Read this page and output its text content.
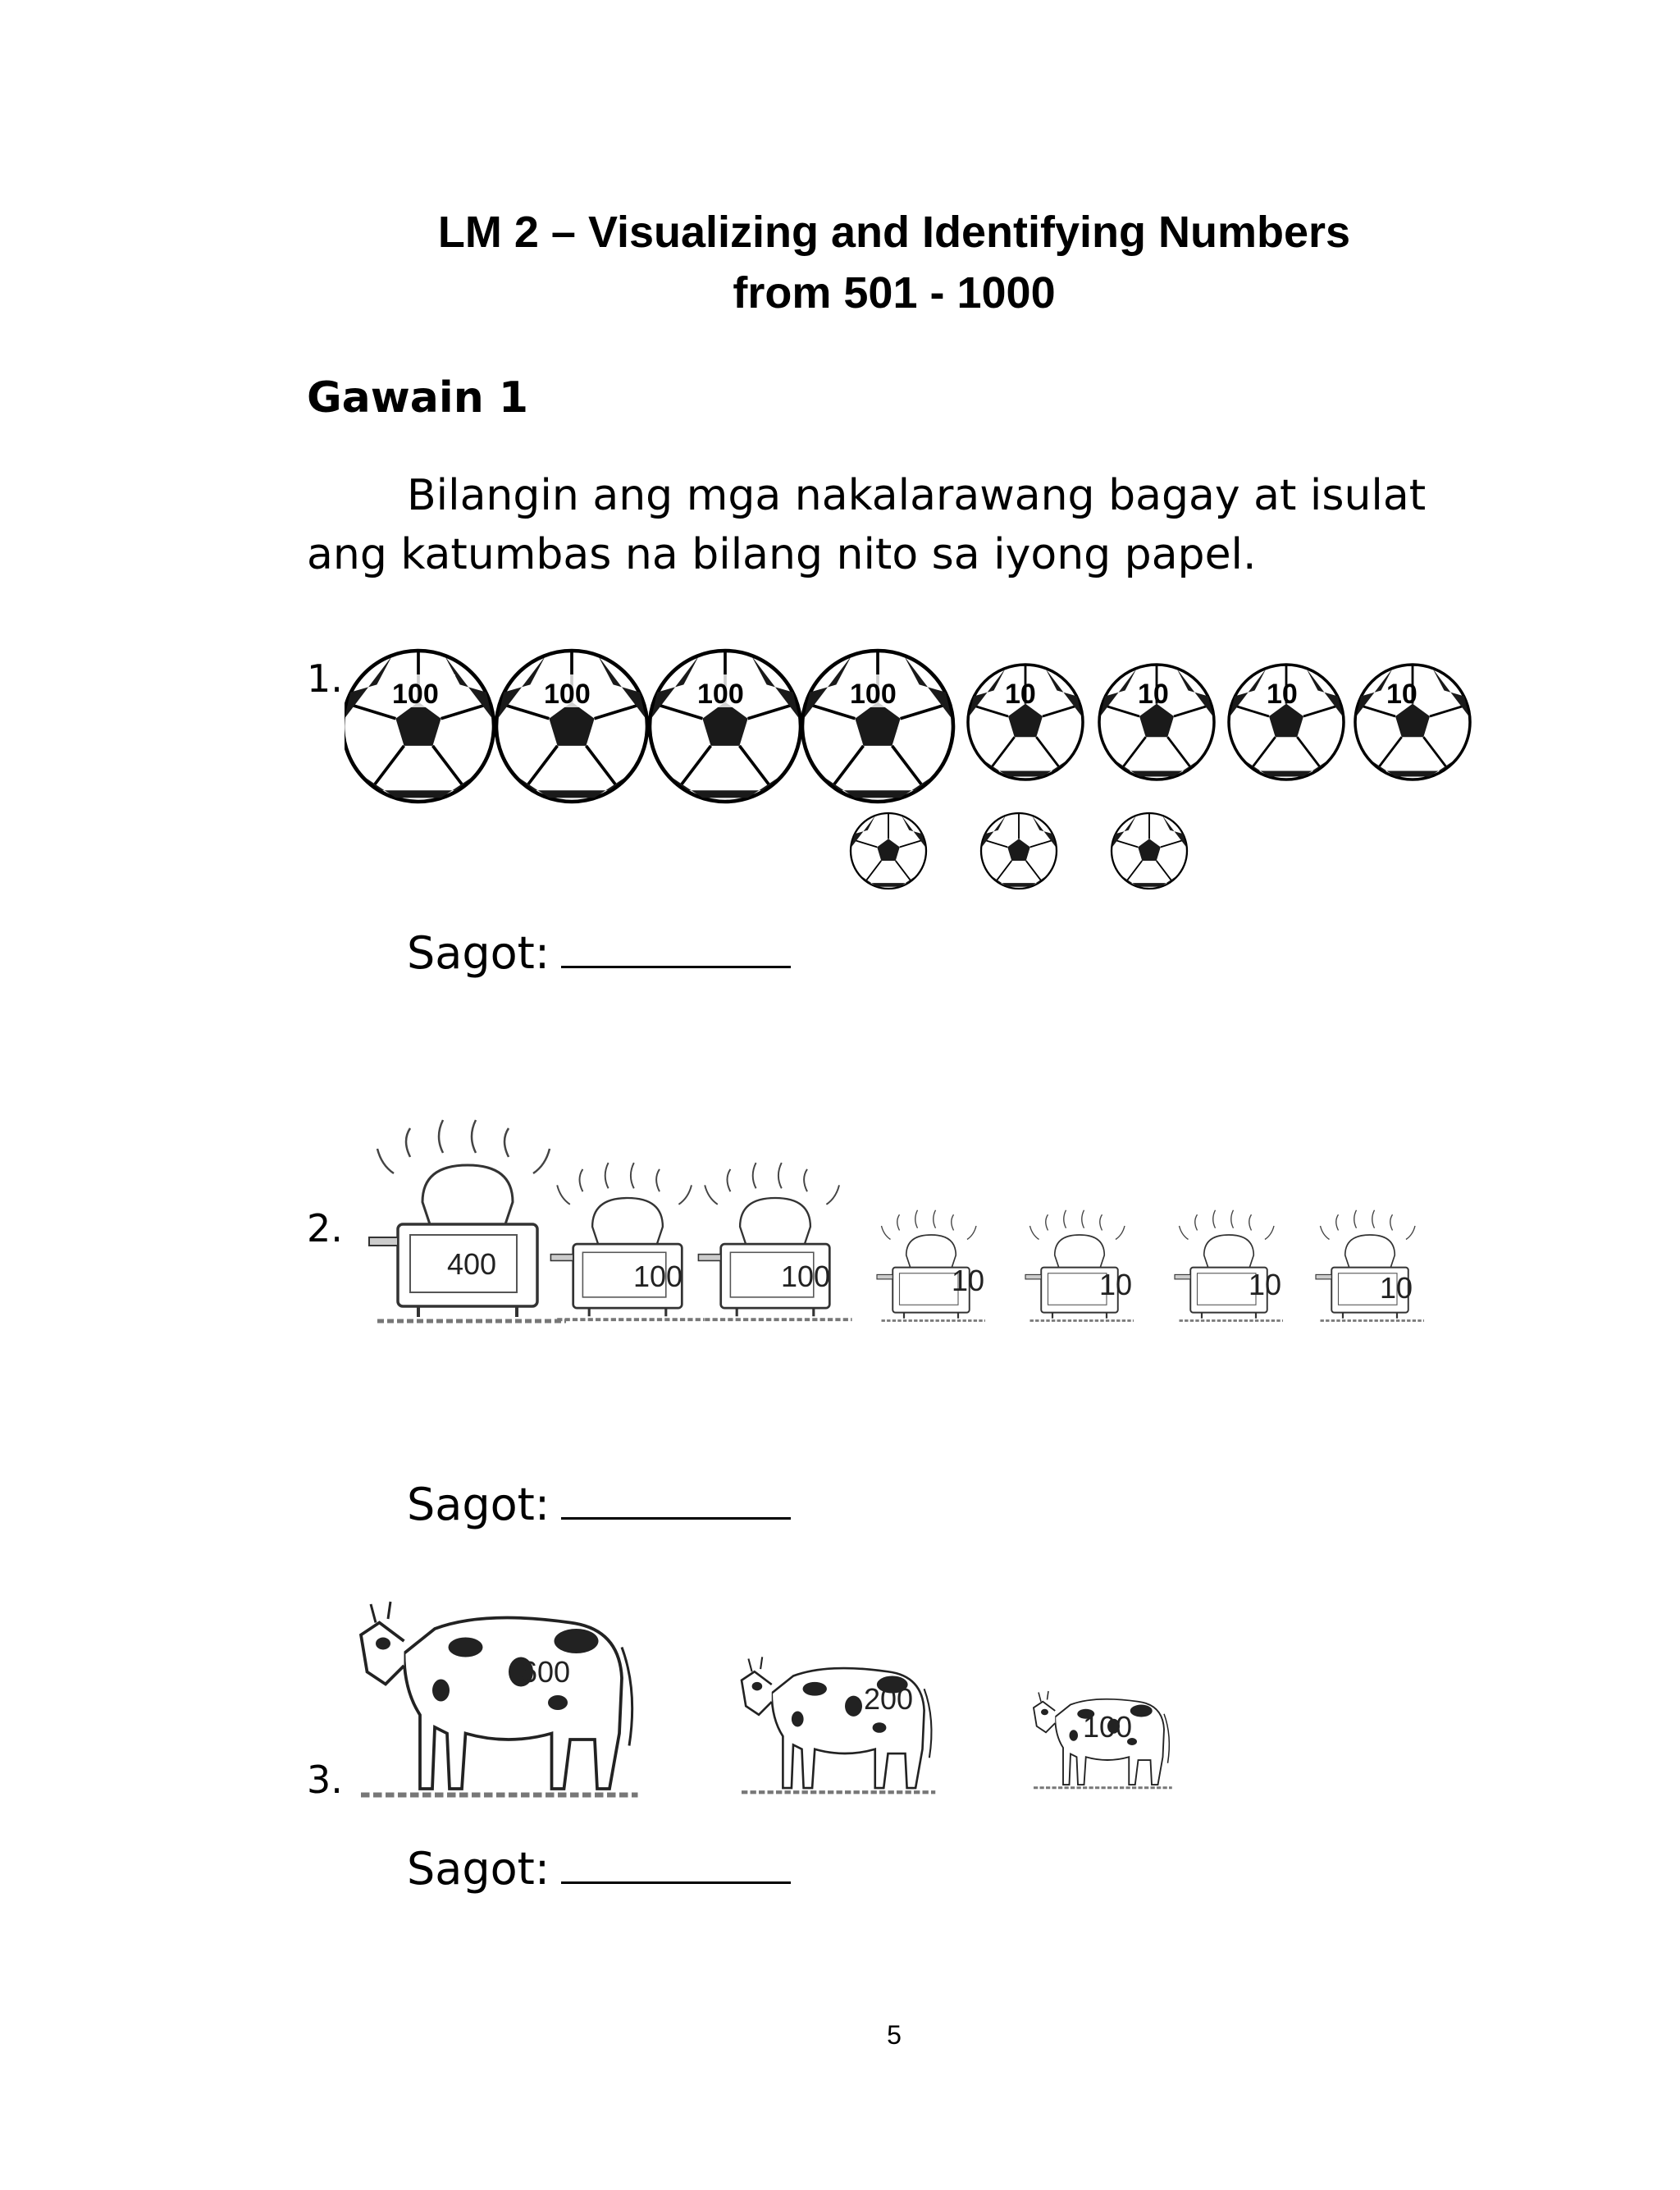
LM 2 – Visualizing and Identifying Numbers
from 501 - 1000
Gawain 1
Bilangin ang mga nakalarawang bagay at isulat
ang katumbas na bilang nito sa iyong papel.
1. 100	100	100	100	10	10	10	10
Sagot:
2.
400	100	100	10	10	10	10
Sagot:
3.
600
200
100
Sagot:
5
